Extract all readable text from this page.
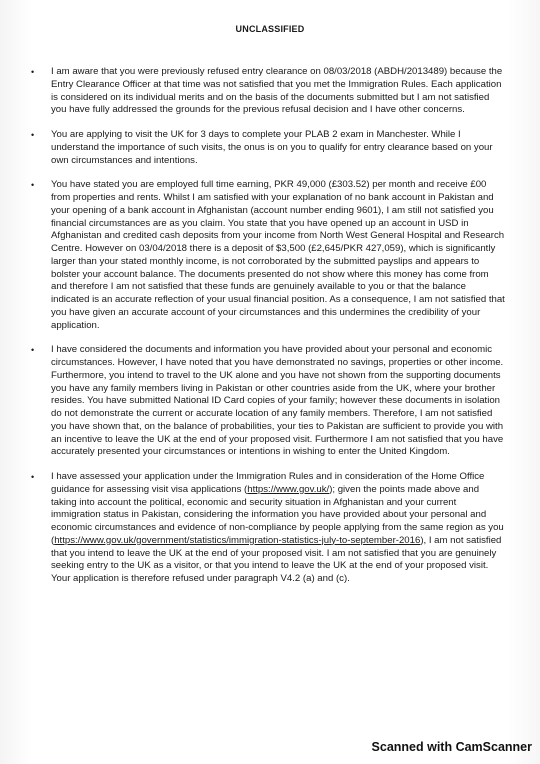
UNCLASSIFIED
•	I am aware that you were previously refused entry clearance on 08/03/2018 (ABDH/2013489) because the Entry Clearance Officer at that time was not satisfied that you met the Immigration Rules. Each application is considered on its individual merits and on the basis of the documents submitted but I am not satisfied you have fully addressed the grounds for the previous refusal decision and I have other concerns.
•	You are applying to visit the UK for 3 days to complete your PLAB 2 exam in Manchester. While I understand the importance of such visits, the onus is on you to qualify for entry clearance based on your own circumstances and intentions.
•	You have stated you are employed full time earning, PKR 49,000 (£303.52) per month and receive £00 from properties and rents. Whilst I am satisfied with your explanation of no bank account in Pakistan and your opening of a bank account in Afghanistan (account number ending 9601), I am still not satisfied you financial circumstances are as you claim. You state that you have opened up an account in USD in Afghanistan and credited cash deposits from your income from North West General Hospital and Research Centre. However on 03/04/2018 there is a deposit of $3,500 (£2,645/PKR 427,059), which is significantly larger than your stated monthly income, is not corroborated by the submitted payslips and appears to bolster your account balance. The documents presented do not show where this money has come from and therefore I am not satisfied that these funds are genuinely available to you or that the balance indicated is an accurate reflection of your usual financial position. As a consequence, I am not satisfied that you have given an accurate account of your circumstances and this undermines the credibility of your application.
•	I have considered the documents and information you have provided about your personal and economic circumstances. However, I have noted that you have demonstrated no savings, properties or other income. Furthermore, you intend to travel to the UK alone and you have not shown from the supporting documents you have any family members living in Pakistan or other countries aside from the UK, where your brother resides. You have submitted National ID Card copies of your family; however these documents in isolation do not demonstrate the current or accurate location of any family members. Therefore, I am not satisfied you have shown that, on the balance of probabilities, your ties to Pakistan are sufficient to provide you with an incentive to leave the UK at the end of your proposed visit. Furthermore I am not satisfied that you have accurately presented your circumstances or intentions in wishing to enter the United Kingdom.
•	I have assessed your application under the Immigration Rules and in consideration of the Home Office guidance for assessing visit visa applications (https://www.gov.uk/); given the points made above and taking into account the political, economic and security situation in Afghanistan and your current immigration status in Pakistan, considering the information you have provided about your personal and economic circumstances and evidence of non-compliance by people applying from the same region as you (https://www.gov.uk/government/statistics/immigration-statistics-july-to-september-2016), I am not satisfied that you intend to leave the UK at the end of your proposed visit. I am not satisfied that you are genuinely seeking entry to the UK as a visitor, or that you intend to leave the UK at the end of your proposed visit. Your application is therefore refused under paragraph V4.2 (a) and (c).
Scanned with CamScanner
